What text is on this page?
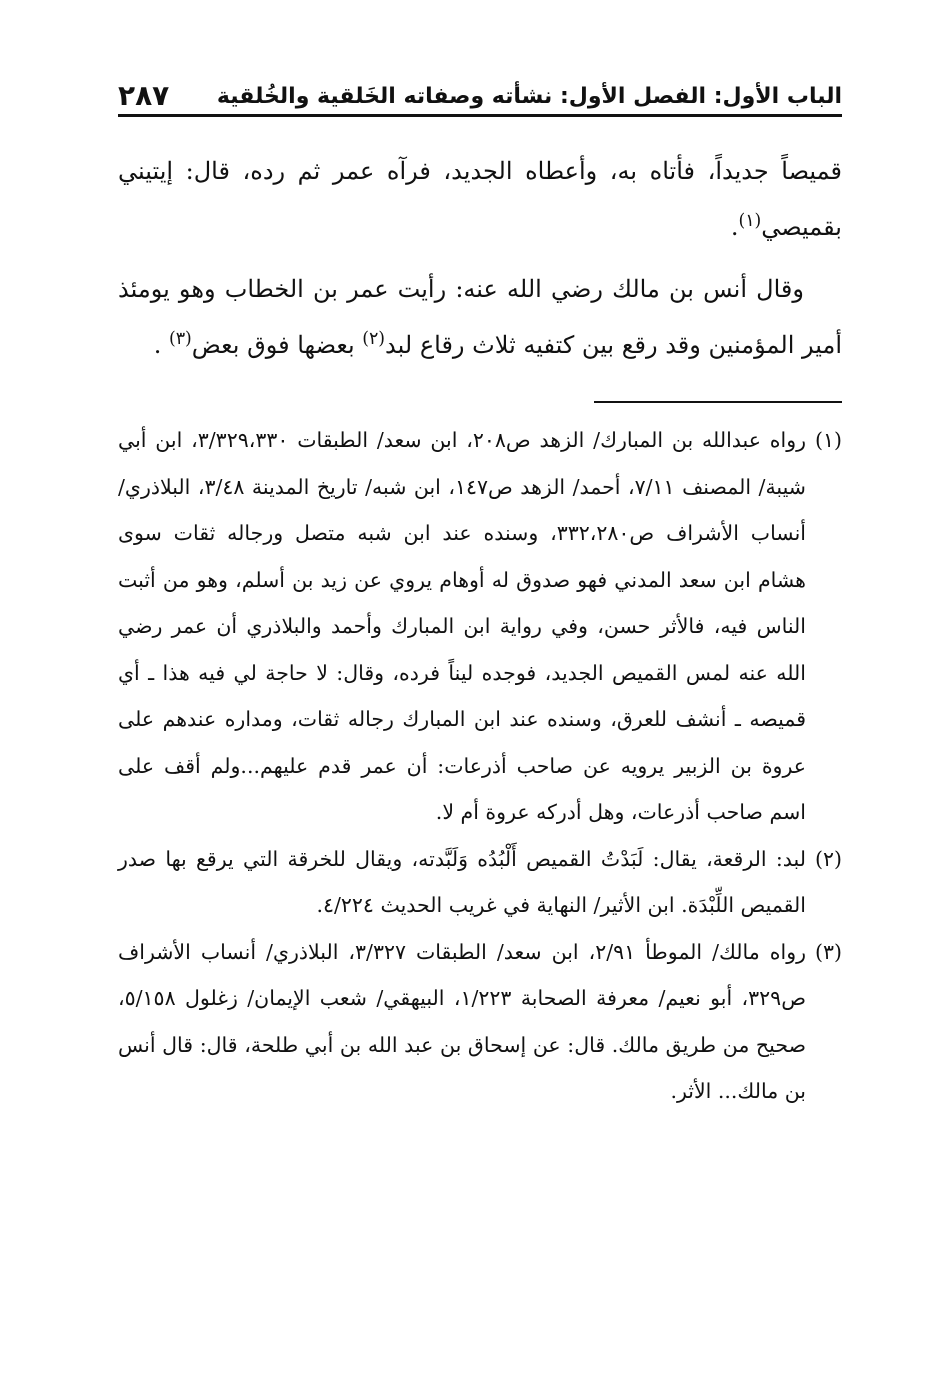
الباب الأول: الفصل الأول: نشأته وصفاته الخَلقية والخُلقية
٢٨٧

قميصاً جديداً، فأتاه به، وأعطاه الجديد، فرآه عمر ثم رده، قال: إيتيني بقميصي$^{(١)}$.

وقال أنس بن مالك رضي الله عنه: رأيت عمر بن الخطاب وهو يومئذ أمير المؤمنين وقد رقع بين كتفيه ثلاث رقاع لبد$^{(٢)}$ بعضها فوق بعض$^{(٣)}$ .

(١)
رواه عبدالله بن المبارك/ الزهد ص٢٠٨، ابن سعد/ الطبقات ٣/٣٢٩،٣٣٠، ابن أبي شيبة/ المصنف ٧/١١، أحمد/ الزهد ص١٤٧، ابن شبه/ تاريخ المدينة ٣/٤٨، البلاذري/ أنساب الأشراف ص٣٣٢،٢٨٠، وسنده عند ابن شبه متصل ورجاله ثقات سوى هشام ابن سعد المدني فهو صدوق له أوهام يروي عن زيد بن أسلم، وهو من أثبت الناس فيه، فالأثر حسن، وفي رواية ابن المبارك وأحمد والبلاذري أن عمر رضي الله عنه لمس القميص الجديد، فوجده ليناً فرده، وقال: لا حاجة لي فيه هذا ـ أي قميصه ـ أنشف للعرق، وسنده عند ابن المبارك رجاله ثقات، ومداره عندهم على عروة بن الزبير يرويه عن صاحب أذرعات: أن عمر قدم عليهم...ولم أقف على اسم صاحب أذرعات، وهل أدركه عروة أم لا.
(٢)
لبد: الرقعة، يقال: لَبَدْتُ القميص أَلْبُدُه وَلَبَّدته، ويقال للخرقة التي يرقع بها صدر القميص اللِّبْدَة. ابن الأثير/ النهاية في غريب الحديث ٤/٢٢٤.
(٣)
رواه مالك/ الموطأ ٢/٩١، ابن سعد/ الطبقات ٣/٣٢٧، البلاذري/ أنساب الأشراف ص٣٢٩، أبو نعيم/ معرفة الصحابة ١/٢٢٣، البيهقي/ شعب الإيمان/ زغلول ٥/١٥٨، صحيح من طريق مالك. قال: عن إسحاق بن عبد الله بن أبي طلحة، قال: قال أنس بن مالك... الأثر.
